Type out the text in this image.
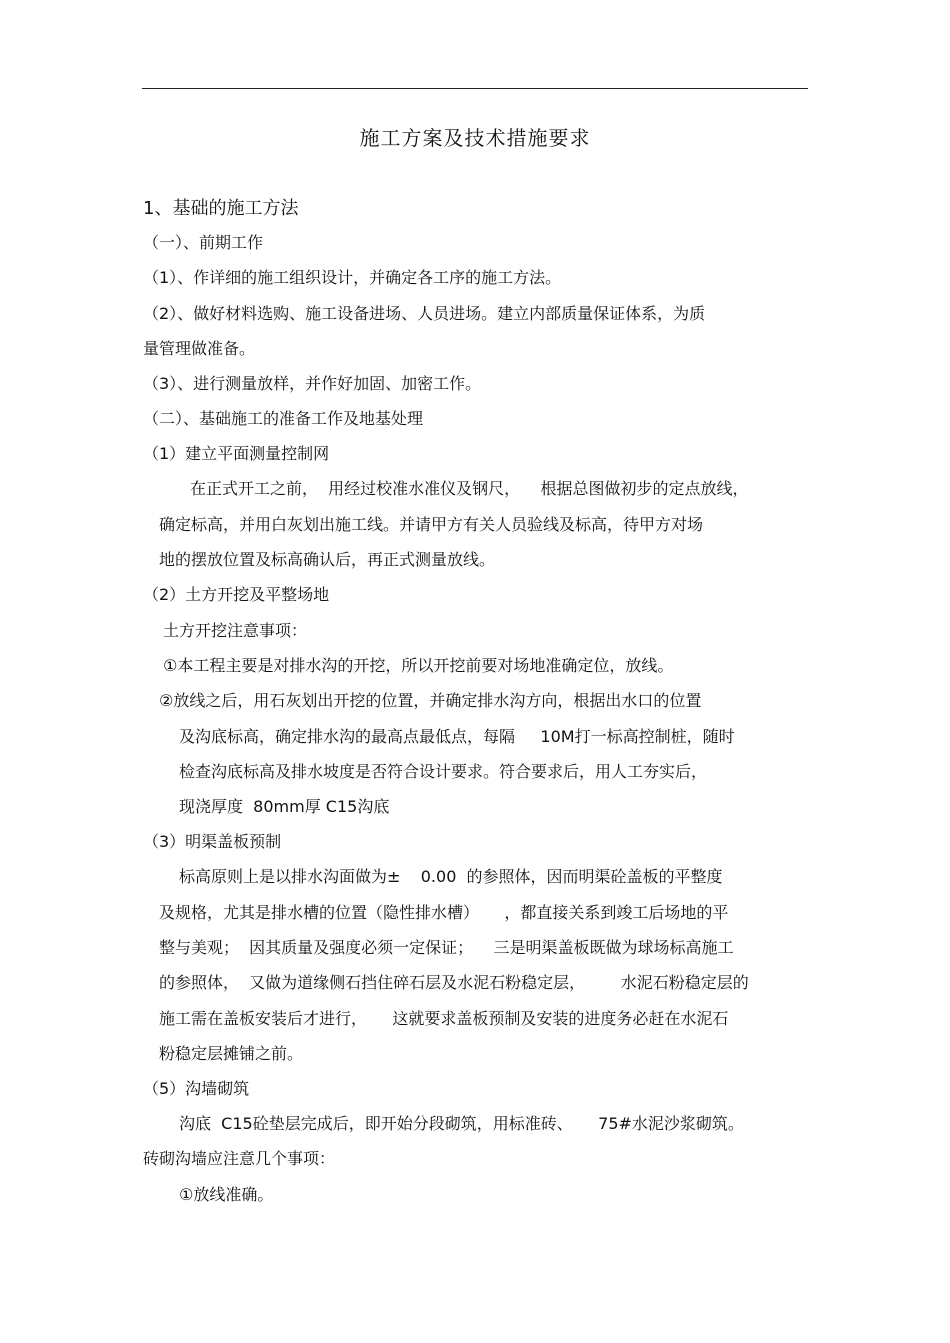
施工方案及技术措施要求
1、基础的施工方法
（一）、前期工作
（1）、作详细的施工组织设计，并确定各工序的施工方法。
（2）、做好材料选购、施工设备进场、人员进场。建立内部质量保证体系，为质
量管理做准备。
（3）、进行测量放样，并作好加固、加密工作。
（二）、基础施工的准备工作及地基处理
（1）建立平面测量控制网
在正式开工之前，  用经过校准水准仪及钢尺，    根据总图做初步的定点放线，
确定标高，并用白灰划出施工线。并请甲方有关人员验线及标高，待甲方对场
地的摆放位置及标高确认后，再正式测量放线。
（2）土方开挖及平整场地
土方开挖注意事项：
①本工程主要是对排水沟的开挖，所以开挖前要对场地准确定位，放线。
②放线之后，用石灰划出开挖的位置，并确定排水沟方向，根据出水口的位置
及沟底标高，确定排水沟的最高点最低点，每隔     10M打一标高控制桩，随时
检查沟底标高及排水坡度是否符合设计要求。符合要求后，用人工夯实后，
现浇厚度  80mm厚 C15沟底
（3）明渠盖板预制
标高原则上是以排水沟面做为±    0.00  的参照体，因而明渠砼盖板的平整度
及规格，尤其是排水槽的位置（隐性排水槽）     ，都直接关系到竣工后场地的平
整与美观；  因其质量及强度必须一定保证；    三是明渠盖板既做为球场标高施工
的参照体，  又做为道缘侧石挡住碎石层及水泥石粉稳定层，       水泥石粉稳定层的
施工需在盖板安装后才进行，     这就要求盖板预制及安装的进度务必赶在水泥石
粉稳定层摊铺之前。
（5）沟墙砌筑
沟底  C15砼垫层完成后，即开始分段砌筑，用标准砖、     75#水泥沙浆砌筑。
砖砌沟墙应注意几个事项：
①放线准确。
